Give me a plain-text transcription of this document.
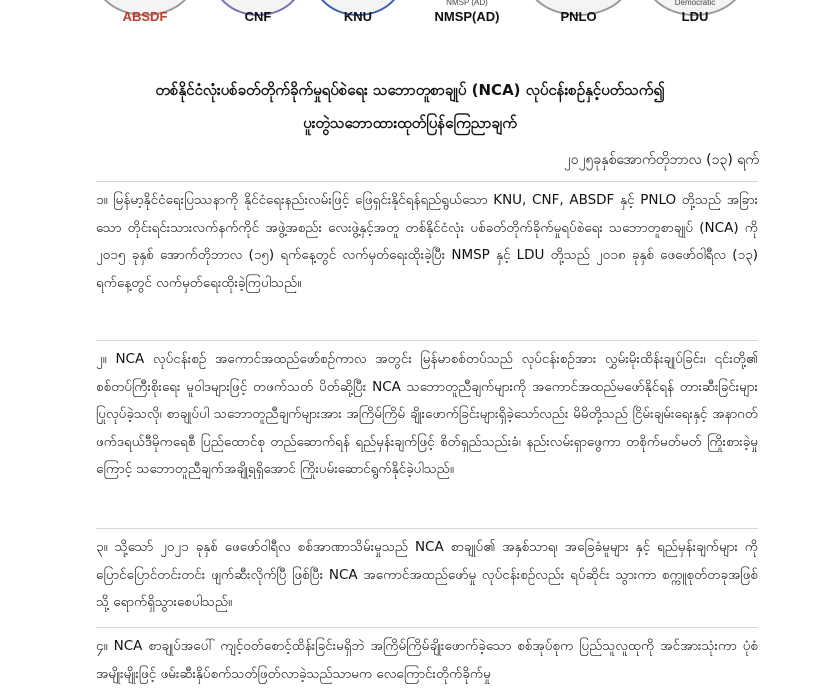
ABSDF	CNF	KNU
NMSP (AD)
NMSP(AD)	PNLO
Democratic
LDU
တစ်နိုင်ငံလုံးပစ်ခတ်တိုက်ခိုက်မှုရပ်စဲရေး သဘောတူစာချုပ် (NCA) လုပ်ငန်းစဉ်နှင့်ပတ်သက်၍
ပူးတွဲသဘောထားထုတ်ပြန်ကြေညာချက်
၂၀၂၅ခုနှစ်အောက်တိုဘာလ (၁၃) ရက်

၁။ မြန်မာ့နိုင်ငံရေးပြဿနာကို နိုင်ငံရေးနည်းလမ်းဖြင့် ဖြေရှင်းနိုင်ရန်ရည်ရွယ်သော KNU, CNF, ABSDF နှင့် PNLO တို့သည် အခြားသော တိုင်းရင်းသားလက်နက်ကိုင် အဖွဲ့အစည်း လေးဖွဲ့နှင့်အတူ တစ်နိုင်ငံလုံး ပစ်ခတ်တိုက်ခိုက်မှုရပ်စဲရေး သဘောတူစာချုပ် (NCA) ကို ၂၀၁၅ ခုနှစ် အောက်တိုဘာလ (၁၅) ရက်နေ့တွင် လက်မှတ်ရေးထိုးခဲ့ပြီး NMSP နှင့် LDU တို့သည် ၂၀၁၈ ခုနှစ် ဖေဖော်ဝါရီလ (၁၃) ရက်နေ့တွင် လက်မှတ်ရေးထိုးခဲ့ကြပါသည်။

၂။ NCA လုပ်ငန်းစဉ် အကောင်အထည်ဖော်စဉ်ကာလ အတွင်း မြန်မာစစ်တပ်သည် လုပ်ငန်းစဉ်အား လွှမ်းမိုးထိန်းချုပ်ခြင်း၊ ၎င်းတို့၏ စစ်တပ်ကြီးစိုးရေး မူဝါဒများဖြင့် တဖက်သတ် ပိတ်ဆို့ပြီး NCA သဘောတူညီချက်များကို အကောင်အထည်မဖော်နိုင်ရန် တားဆီးခြင်းများပြုလုပ်ခဲ့သလို၊ စာချုပ်ပါ သဘောတူညီချက်များအား အကြိမ်ကြိမ် ချိုးဖောက်ခြင်းများရှိခဲ့သော်လည်း မိမိတို့သည် ငြိမ်းချမ်းရေးနှင့် အနာဂတ်ဖက်ဒရယ်ဒီမိုကရေစီ ပြည်ထောင်စု တည်ဆောက်ရန် ရည်မှန်းချက်ဖြင့် စိတ်ရှည်သည်းခံ၊ နည်းလမ်းရှာဖွေကာ တစိုက်မတ်မတ် ကြိုးစားခဲ့မှုကြောင့် သဘောတူညီချက်အချို့ရရှိအောင် ကြိုးပမ်းဆောင်ရွက်နိုင်ခဲ့ပါသည်။

၃။ သို့သော် ၂၀၂၁ ခုနှစ် ဖေဖော်ဝါရီလ စစ်အာဏာသိမ်းမှုသည် NCA စာချုပ်၏ အနှစ်သာရ၊ အခြေခံမူများ နှင့် ရည်မှန်းချက်များ ကို ပြောင်ပြောင်တင်းတင်း ဖျက်ဆီးလိုက်ပြီ ဖြစ်ပြီး NCA အကောင်အထည်ဖော်မှု လုပ်ငန်းစဉ်လည်း ရပ်ဆိုင်း သွားကာ စက္ကူစုတ်တခုအဖြစ်သို့ ရောက်ရှိသွားစေပါသည်။

၄။ NCA စာချုပ်အပေါ် ကျင့်ဝတ်စောင့်ထိန်းခြင်းမရှိဘဲ အကြိမ်ကြိမ်ချိုးဖောက်ခဲ့သော စစ်အုပ်စုက ပြည်သူလူထုကို အင်အားသုံးကာ ပုံစံအမျိုးမျိုးဖြင့် ဖမ်းဆီးနှိပ်စက်သတ်ဖြတ်လာခဲ့သည်သာမက လေကြောင်းတိုက်ခိုက်မှု
